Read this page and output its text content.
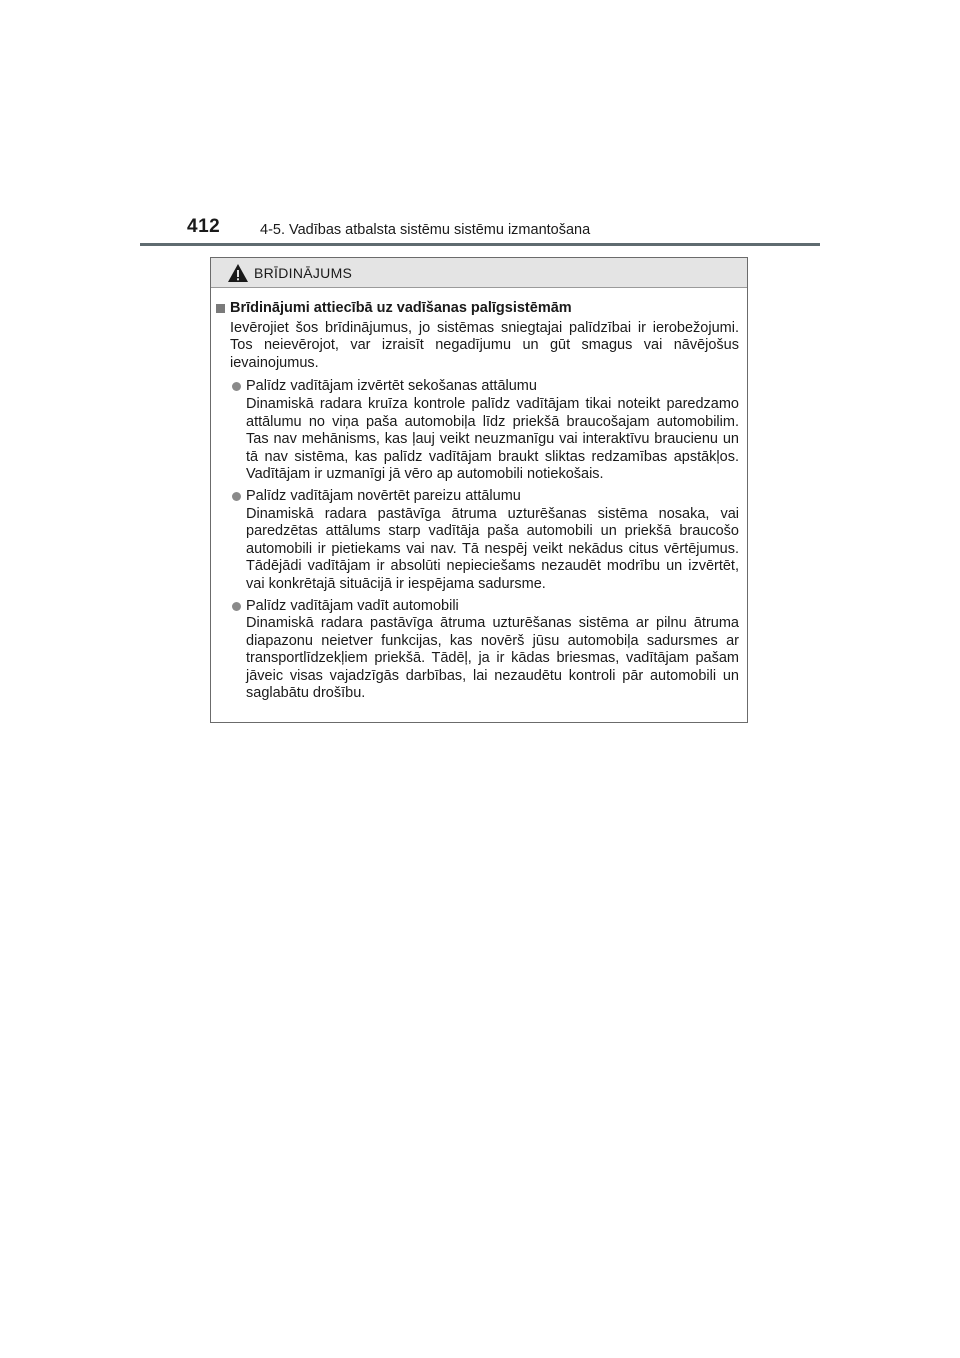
412	4-5. Vadības atbalsta sistēmu sistēmu izmantošana
BRĪDINĀJUMS
Brīdinājumi attiecībā uz vadīšanas palīgsistēmām
Ievērojiet šos brīdinājumus, jo sistēmas sniegtajai palīdzībai ir ierobežojumi. Tos neievērojot, var izraisīt negadījumu un gūt smagus vai nāvējošus ievainojumus.
Palīdz vadītājam izvērtēt sekošanas attālumu
Dinamiskā radara kruīza kontrole palīdz vadītājam tikai noteikt paredzamo attālumu no viņa paša automobiļa līdz priekšā braucošajam automobilim. Tas nav mehānisms, kas ļauj veikt neuzmanīgu vai interaktīvu braucienu un tā nav sistēma, kas palīdz vadītājam braukt sliktas redzamības apstākļos. Vadītājam ir uzmanīgi jā vēro ap automobili notiekošais.
Palīdz vadītājam novērtēt pareizu attālumu
Dinamiskā radara pastāvīga ātruma uzturēšanas sistēma nosaka, vai paredzētas attālums starp vadītāja paša automobili un priekšā braucošo automobili ir pietiekams vai nav. Tā nespēj veikt nekādus citus vērtējumus. Tādējādi vadītājam ir absolūti nepieciešams nezaudēt modrību un izvērtēt, vai konkrētajā situācijā ir iespējama sadursme.
Palīdz vadītājam vadīt automobili
Dinamiskā radara pastāvīga ātruma uzturēšanas sistēma ar pilnu ātruma diapazonu neietver funkcijas, kas novērš jūsu automobiļa sadursmes ar transportlīdzekļiem priekšā. Tādēļ, ja ir kādas briesmas, vadītājam pašam jāveic visas vajadzīgās darbības, lai nezaudētu kontroli pār automobili un saglabātu drošību.
